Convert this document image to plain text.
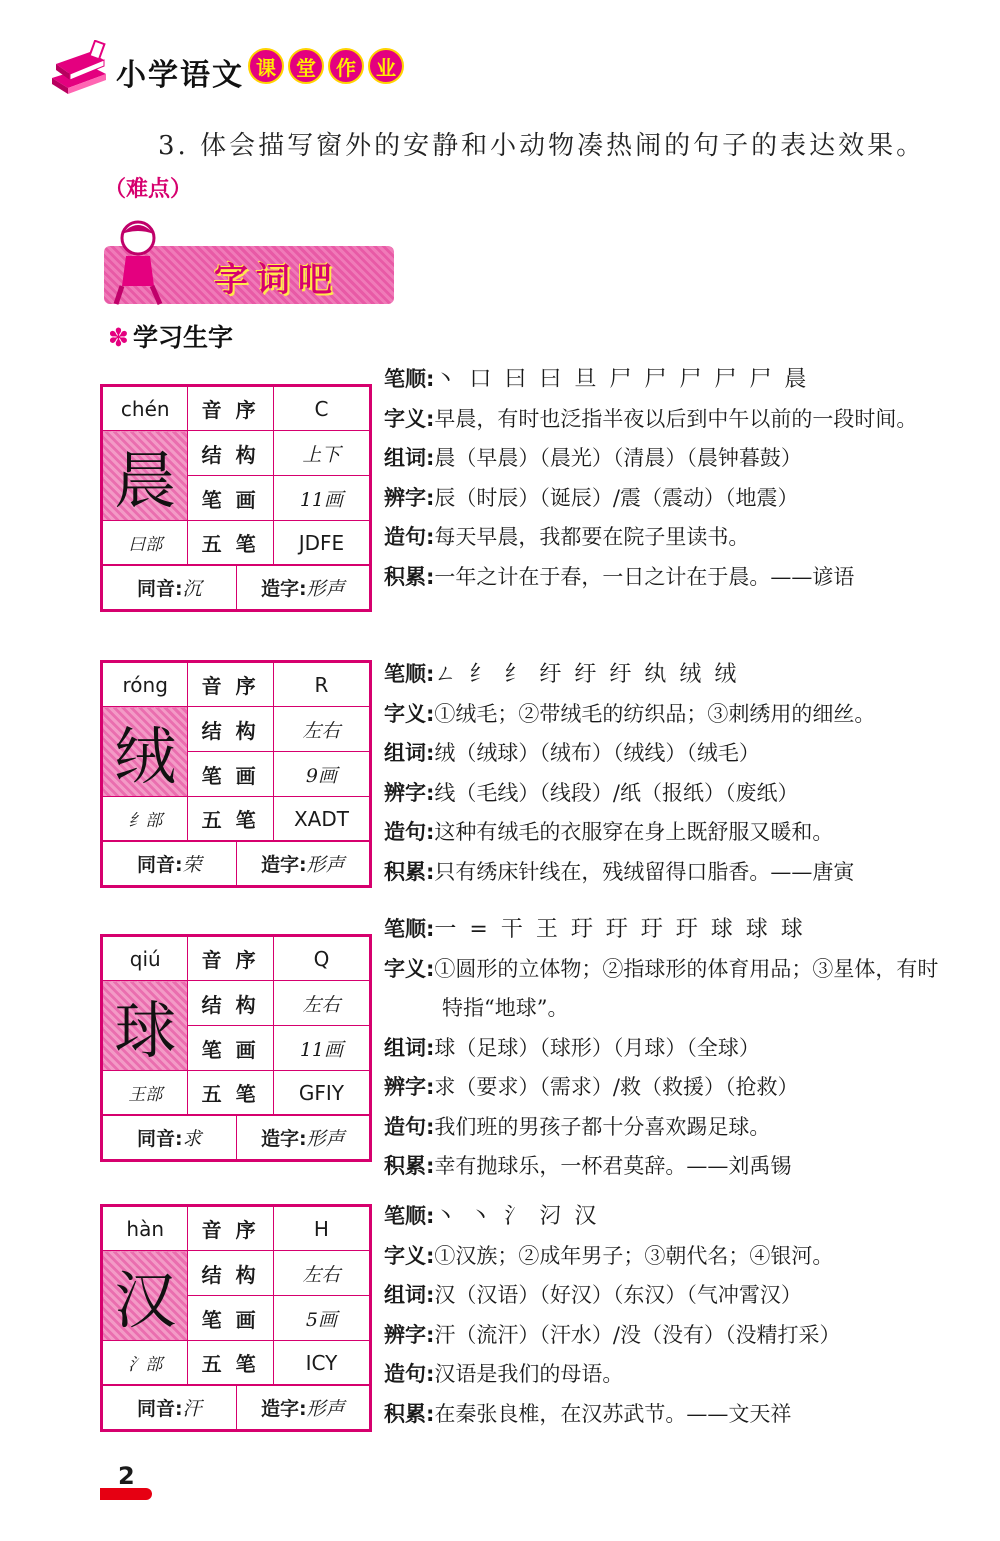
小学语文 课	堂	作	业
3. 体会描写窗外的安静和小动物凑热闹的句子的表达效果。
（难点）
字词吧
✽ 学习生字
chén	音序	C
晨	结构	上下
	笔画	11画
曰部	五笔	JDFE
同音:沉	造字:形声
笔顺:丶 口 曰 曰 旦 尸 尸 尸 尸 尸 晨
字义:早晨，有时也泛指半夜以后到中午以前的一段时间。
组词:晨（早晨）（晨光）（清晨）（晨钟暮鼓）
辨字:辰（时辰）（诞辰）/震（震动）（地震）
造句:每天早晨，我都要在院子里读书。
积累:一年之计在于春，一日之计在于晨。——谚语
róng	音序	R
绒	结构	左右
	笔画	9画
纟部	五笔	XADT
同音:荣	造字:形声
笔顺:ㄥ 纟 纟 纡 纡 纡 纨 绒 绒
字义:①绒毛；②带绒毛的纺织品；③刺绣用的细丝。
组词:绒（绒球）（绒布）（绒线）（绒毛）
辨字:线（毛线）（线段）/纸（报纸）（废纸）
造句:这种有绒毛的衣服穿在身上既舒服又暖和。
积累:只有绣床针线在，残绒留得口脂香。——唐寅
qiú	音序	Q
球	结构	左右
	笔画	11画
王部	五笔	GFIY
同音:求	造字:形声
笔顺:一 = 干 王 玗 玗 玗 玗 球 球 球
字义:①圆形的立体物；②指球形的体育用品；③星体，有时特指“地球”。
组词:球（足球）（球形）（月球）（全球）
辨字:求（要求）（需求）/救（救援）（抢救）
造句:我们班的男孩子都十分喜欢踢足球。
积累:幸有抛球乐，一杯君莫辞。——刘禹锡
hàn	音序	H
汉	结构	左右
	笔画	5画
氵部	五笔	ICY
同音:汗	造字:形声
笔顺:丶 丶 氵 汈 汉
字义:①汉族；②成年男子；③朝代名；④银河。
组词:汉（汉语）（好汉）（东汉）（气冲霄汉）
辨字:汗（流汗）（汗水）/没（没有）（没精打采）
造句:汉语是我们的母语。
积累:在秦张良椎，在汉苏武节。——文天祥
2
